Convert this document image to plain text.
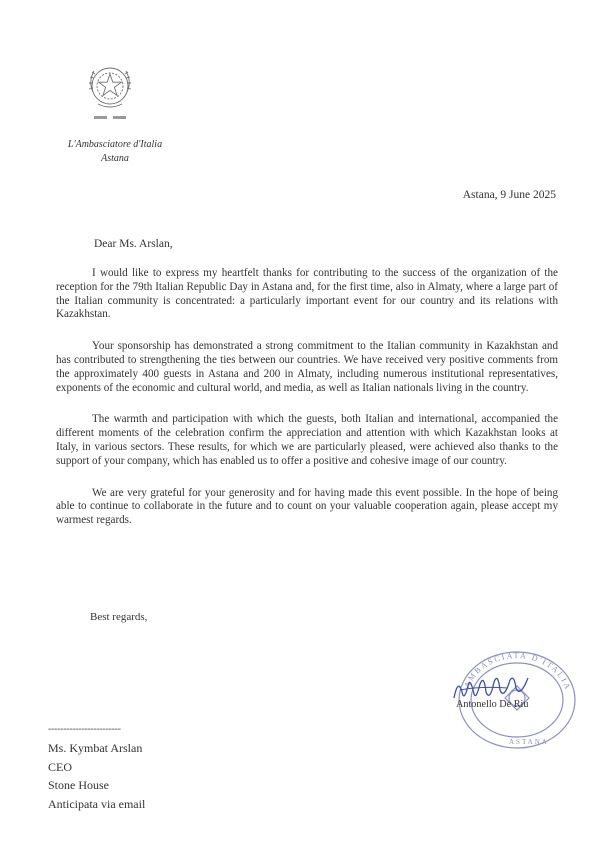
L'Ambasciatore d'Italia
Astana
Astana, 9 June 2025
Dear Ms. Arslan,

I would like to express my heartfelt thanks for contributing to the success of the organization of the reception for the 79th Italian Republic Day in Astana and, for the first time, also in Almaty, where a large part of the Italian community is concentrated: a particularly important event for our country and its relations with Kazakhstan.

Your sponsorship has demonstrated a strong commitment to the Italian community in Kazakhstan and has contributed to strengthening the ties between our countries. We have received very positive comments from the approximately 400 guests in Astana and 200 in Almaty, including numerous institutional representatives, exponents of the economic and cultural world, and media, as well as Italian nationals living in the country.

The warmth and participation with which the guests, both Italian and international, accompanied the different moments of the celebration confirm the appreciation and attention with which Kazakhstan looks at Italy, in various sectors. These results, for which we are particularly pleased, were achieved also thanks to the support of your company, which has enabled us to offer a positive and cohesive image of our country.

We are very grateful for your generosity and for having made this event possible. In the hope of being able to continue to collaborate in the future and to count on your valuable cooperation again, please accept my warmest regards.

Best regards,
AMBASCIATA D'ITALIA
ASTANA
Antonello De Riu
------------------------
Ms. Kymbat Arslan
CEO
Stone House
Anticipata via email
